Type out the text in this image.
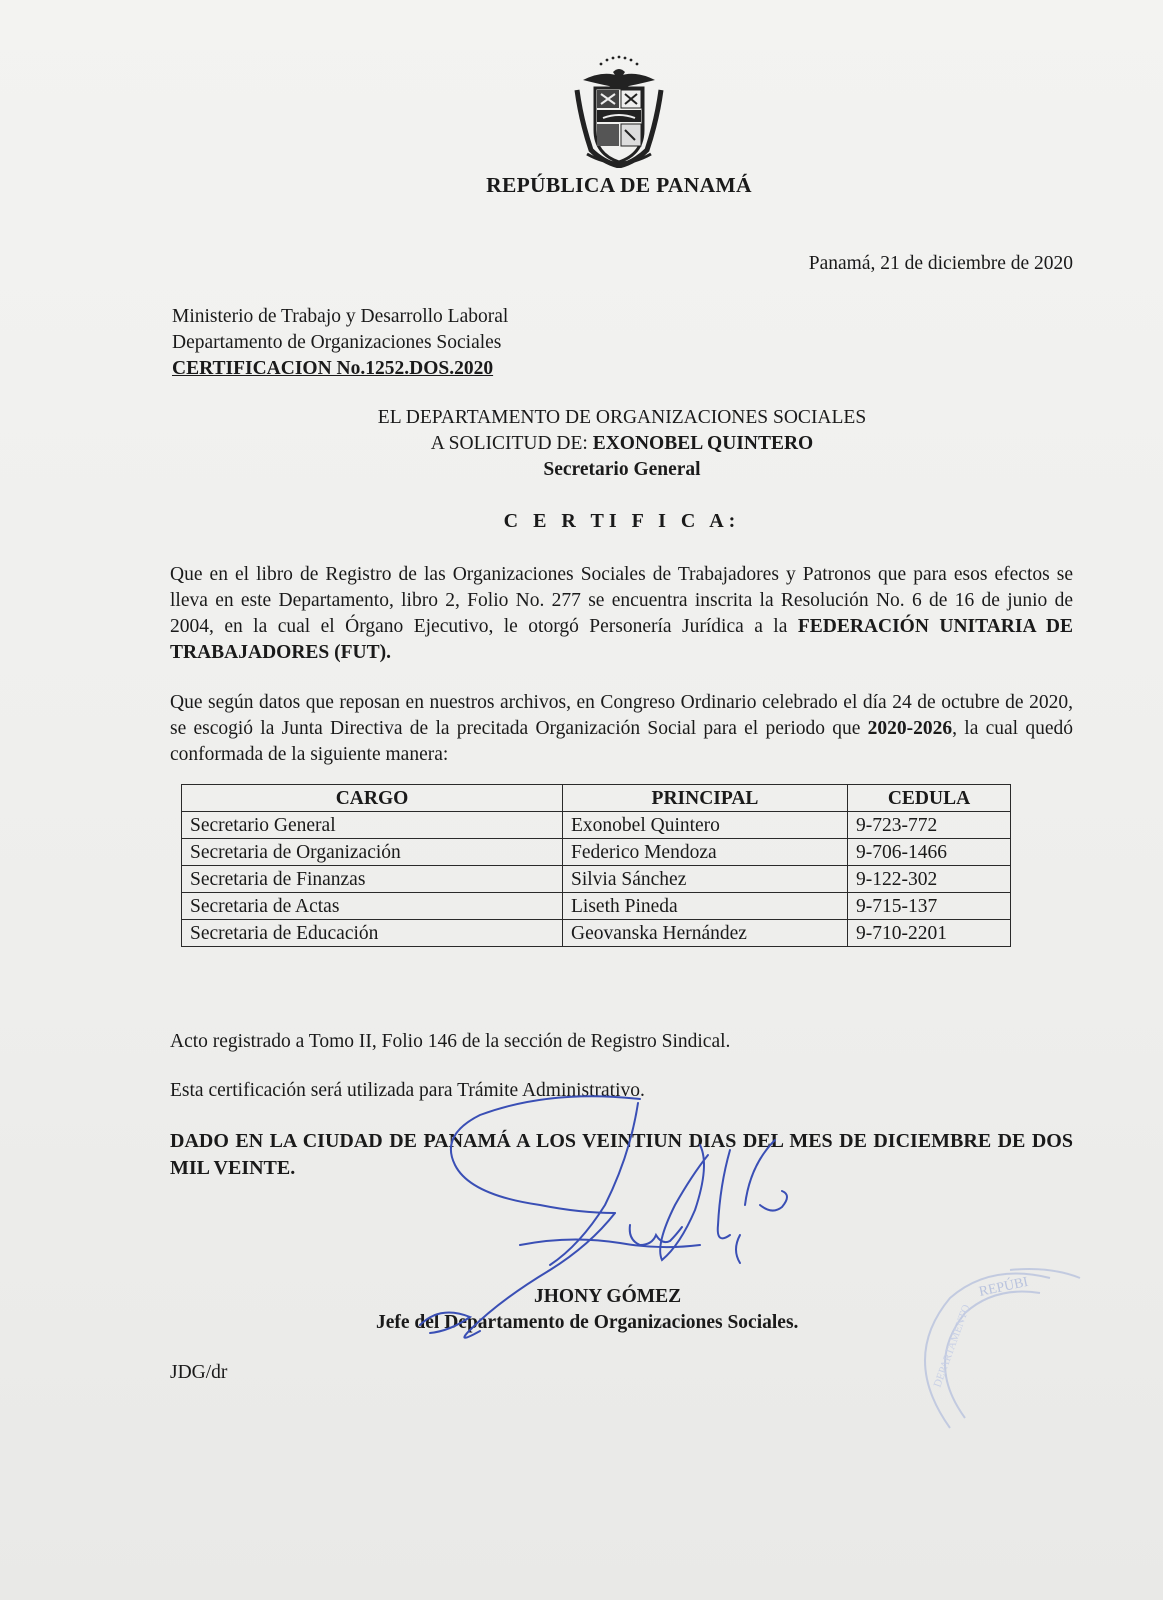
REPÚBLICA DE PANAMÁ
Panamá, 21 de diciembre de 2020
Ministerio de Trabajo y Desarrollo Laboral
Departamento de Organizaciones Sociales
CERTIFICACION No.1252.DOS.2020
EL DEPARTAMENTO DE ORGANIZACIONES SOCIALES
A SOLICITUD DE: EXONOBEL QUINTERO
Secretario General
C E R TI F I C A:
Que en el libro de Registro de las Organizaciones Sociales de Trabajadores y Patronos que para esos efectos se lleva en este Departamento, libro 2, Folio No. 277 se encuentra inscrita la Resolución No. 6 de 16 de junio de 2004, en la cual el Órgano Ejecutivo, le otorgó Personería Jurídica a la FEDERACIÓN UNITARIA DE TRABAJADORES (FUT).
Que según datos que reposan en nuestros archivos, en Congreso Ordinario celebrado el día 24 de octubre de 2020, se escogió la Junta Directiva de la precitada Organización Social para el periodo que 2020-2026, la cual quedó conformada de la siguiente manera:
CARGO	PRINCIPAL	CEDULA
Secretario General	Exonobel Quintero	9-723-772
Secretaria de Organización	Federico Mendoza	9-706-1466
Secretaria de Finanzas	Silvia Sánchez	9-122-302
Secretaria de Actas	Liseth Pineda	9-715-137
Secretaria de Educación	Geovanska Hernández	9-710-2201
Acto registrado a Tomo II, Folio 146 de la sección de Registro Sindical.
Esta certificación será utilizada para Trámite Administrativo.
DADO EN LA CIUDAD DE PANAMÁ A LOS VEINTIUN DIAS DEL MES DE DICIEMBRE DE DOS MIL VEINTE.
JHONY GÓMEZ
Jefe del Departamento de Organizaciones Sociales.
JDG/dr
REPÚBI
DEPARTAMENTO
